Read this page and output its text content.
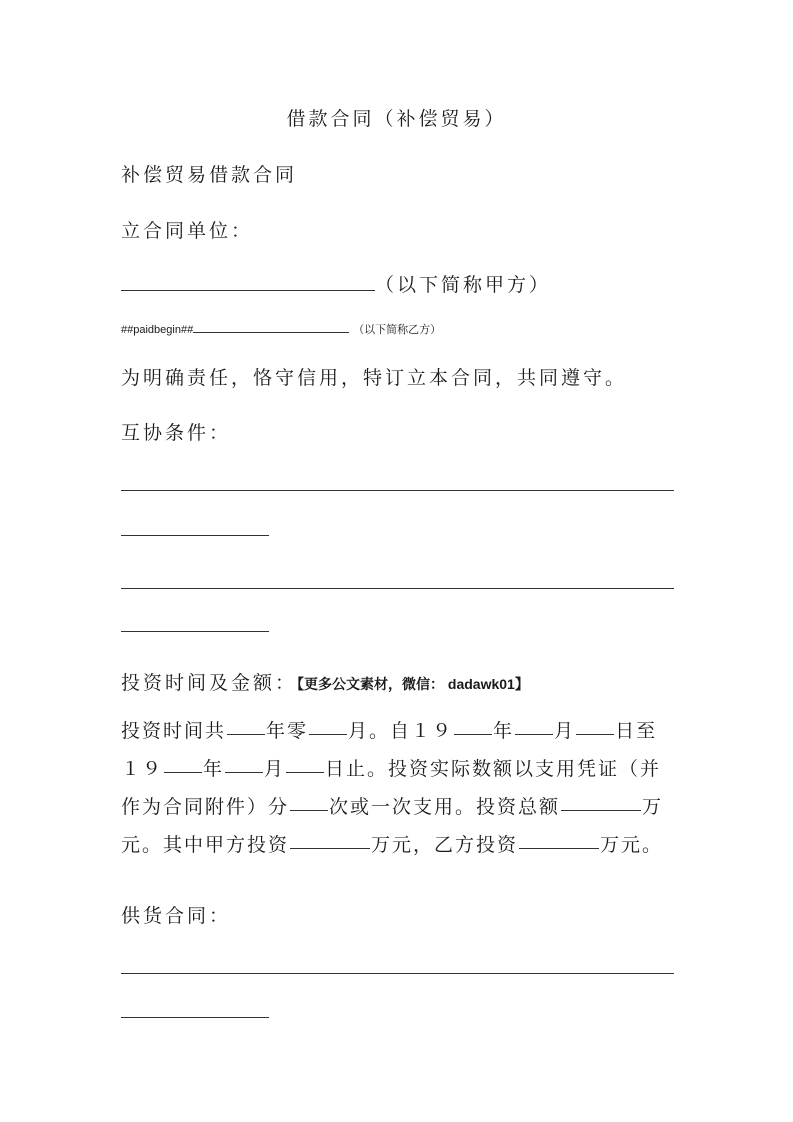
借款合同（补偿贸易）
补偿贸易借款合同
立合同单位：
（以下简称甲方）
##paidbegin##	（以下简称乙方）
为明确责任，恪守信用，特订立本合同，共同遵守。
互协条件：
投资时间及金额：【更多公文素材，微信： dadawk01】
投资时间共 年零 月。自１９ 年 月 日至
１９ 年 月 日止。投资实际数额以支用凭证（并
作为合同附件）分 次或一次支用。投资总额	万
元。其中甲方投资	万元，乙方投资	万元。
供货合同：
